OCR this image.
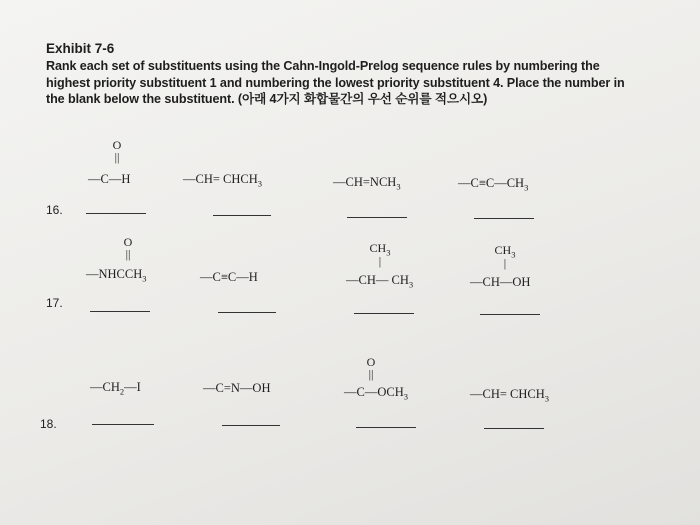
Exhibit 7-6
Rank each set of substituents using the Cahn-Ingold-Prelog sequence rules by numbering the
highest priority substituent 1 and numbering the lowest priority substituent 4. Place the number in
the blank below the substituent. (아래 4가지 화합물간의 우선 순위를 적으시오)
16.
O
||
—C—H	—CH= $CHCH_3$	$—CH=NCH_3$	$—C\equiv C—CH_3$
17.
O
||
$—NHCCH_3$	—C≡C—H
$CH_3$
|
—CH— $CH_3$
$CH_3$
|
—CH—OH
18.
$—CH_2—I$	—C=N—OH
O
||
$—C—OCH_3$	—CH= $CHCH_3$
